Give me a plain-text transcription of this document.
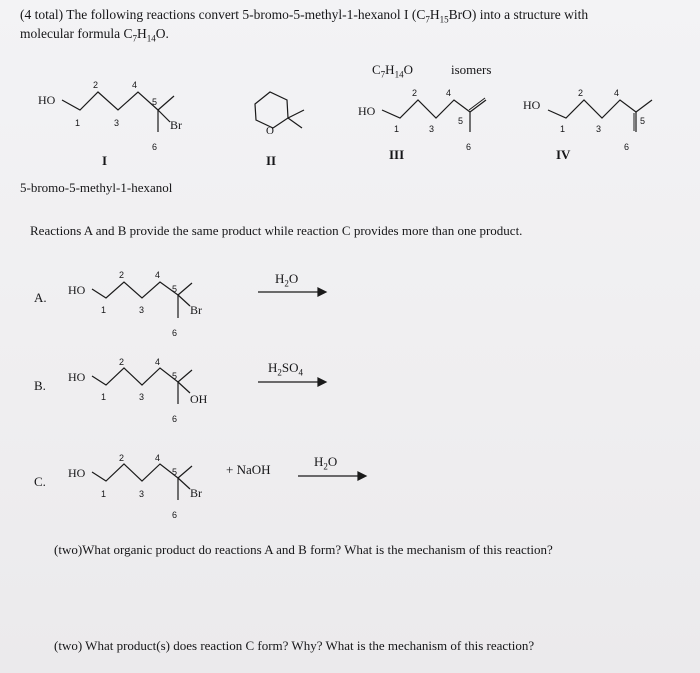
(4 total) The following reactions convert 5-bromo-5-methyl-1-hexanol I $(C_7H_{15}BrO)$ into a structure with
molecular formula $C_7H_{14}O$.
$C_7H_{14}O$	isomers
HO
Br
1
2
3
4
5
6
I
O
II
HO
1
2
3
4
5
6
III
HO
1
2
3
4
5
6
IV
5-bromo-5-methyl-1-hexanol
Reactions A and B provide the same product while reaction C provides more than one product.
A. HO
Br
1
2
3
4
5
6
$H_2O$
B.
HO
OH
1
2
3
4
5
6
$H_2SO_4$
C.
HO
Br
1
2
3
4
5
6
+ NaOH
$H_2O$
(two)What organic product do reactions A and B form? What is the mechanism of this reaction?
(two) What product(s) does reaction C form? Why? What is the mechanism of this reaction?
